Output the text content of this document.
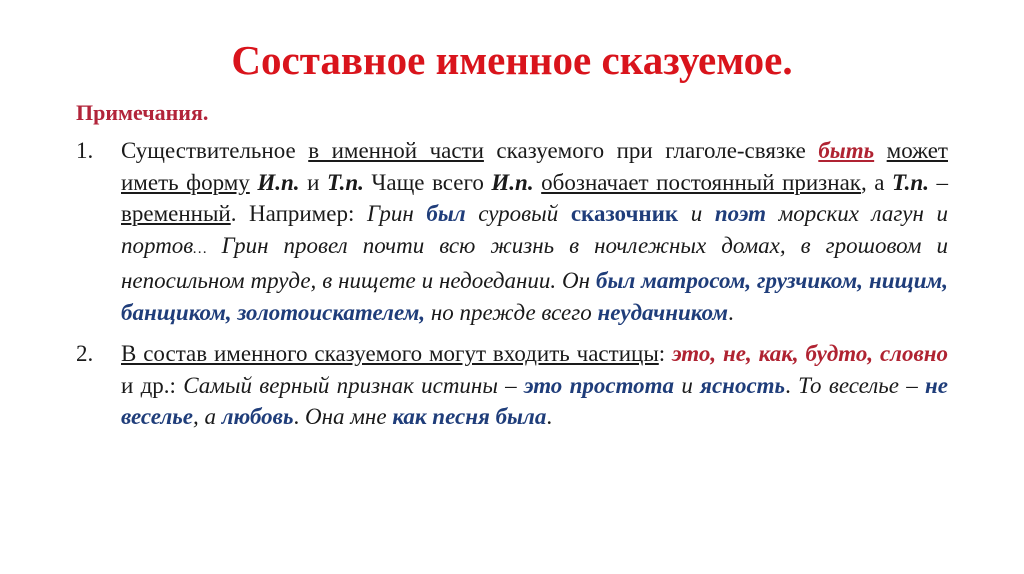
Составное именное сказуемое.
Примечания.
1.	Существительное в именной части сказуемого при глаголе-связке быть может иметь форму И.п. и Т.п. Чаще всего И.п. обозначает постоянный признак, а Т.п. – временный. Например: Грин был суровый сказочник и поэт морских лагун и портов… Грин провел почти всю жизнь в ночлежных домах, в грошовом и непосильном труде, в нищете и недоедании. Он был матросом, грузчиком, нищим, банщиком, золотоискателем, но прежде всего неудачником.
2.	В состав именного сказуемого могут входить частицы: это, не, как, будто, словно и др.: Самый верный признак истины – это простота и ясность. То веселье – не веселье, а любовь. Она мне как песня была.
